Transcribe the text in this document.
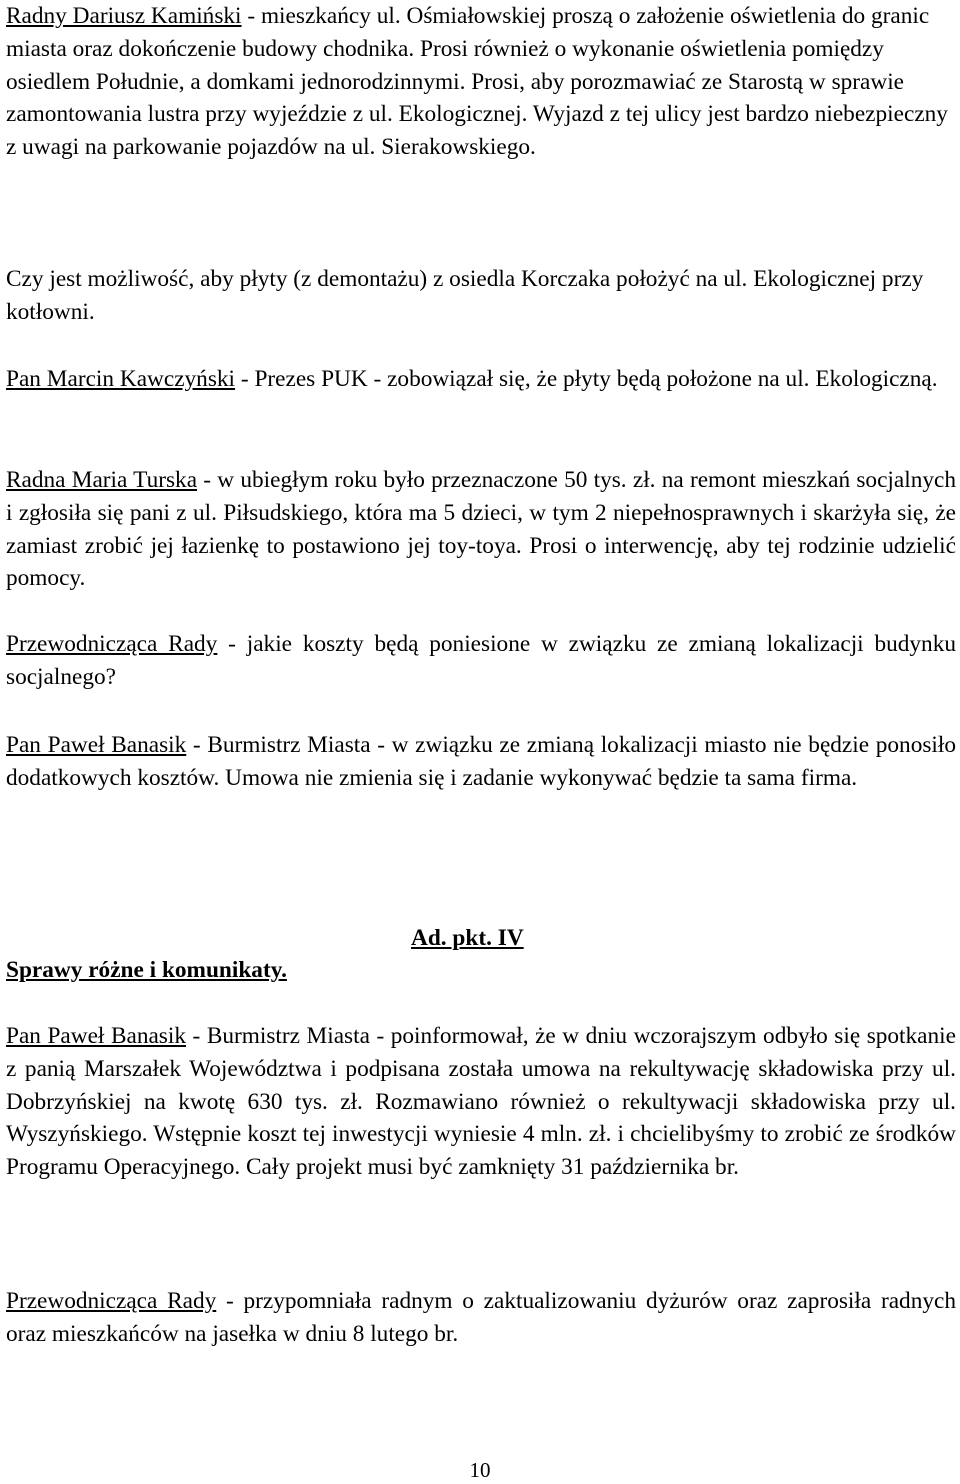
Radny Dariusz Kamiński - mieszkańcy ul. Ośmiałowskiej proszą o założenie oświetlenia do granic miasta oraz dokończenie budowy chodnika. Prosi również o wykonanie oświetlenia pomiędzy osiedlem Południe, a domkami jednorodzinnymi. Prosi, aby porozmawiać ze Starostą w sprawie zamontowania lustra przy wyjeździe z ul. Ekologicznej. Wyjazd z tej ulicy jest bardzo niebezpieczny z uwagi na parkowanie pojazdów na ul. Sierakowskiego.

Czy jest możliwość, aby płyty (z demontażu) z osiedla Korczaka położyć na ul. Ekologicznej przy kotłowni.

Pan Marcin Kawczyński - Prezes PUK - zobowiązał się, że płyty będą położone na ul. Ekologiczną.

Radna Maria Turska - w ubiegłym roku było przeznaczone 50 tys. zł. na remont mieszkań socjalnych i zgłosiła się pani z ul. Piłsudskiego, która ma 5 dzieci, w tym 2 niepełnosprawnych i skarżyła się, że zamiast zrobić jej łazienkę to postawiono jej toy-toya. Prosi o interwencję, aby tej rodzinie udzielić pomocy.

Przewodnicząca Rady - jakie koszty będą poniesione w związku ze zmianą lokalizacji budynku socjalnego?

Pan Paweł Banasik - Burmistrz Miasta - w związku ze zmianą lokalizacji miasto nie będzie ponosiło dodatkowych kosztów. Umowa nie zmienia się i zadanie wykonywać będzie ta sama firma.

Ad. pkt. IV

Sprawy różne i komunikaty.

Pan Paweł Banasik - Burmistrz Miasta - poinformował, że w dniu wczorajszym odbyło się spotkanie z panią Marszałek Województwa i podpisana została umowa na rekultywację składowiska przy ul. Dobrzyńskiej na kwotę 630 tys. zł. Rozmawiano również o rekultywacji składowiska przy ul. Wyszyńskiego. Wstępnie koszt tej inwestycji wyniesie 4 mln. zł. i chcielibyśmy to zrobić ze środków Programu Operacyjnego. Cały projekt musi być zamknięty 31 października br.

Przewodnicząca Rady - przypomniała radnym o zaktualizowaniu dyżurów oraz zaprosiła radnych oraz mieszkańców na jasełka w dniu 8 lutego br.

10
